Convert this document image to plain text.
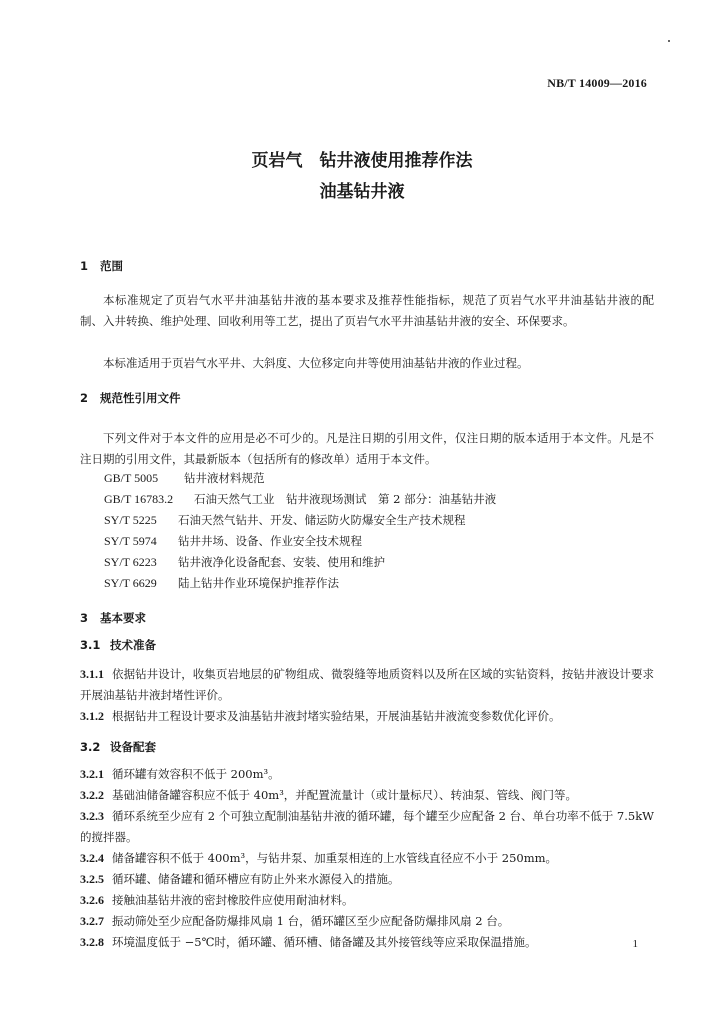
NB/T 14009—2016
页岩气　钻井液使用推荐作法
油基钻井液
1 范围
本标准规定了页岩气水平井油基钻井液的基本要求及推荐性能指标，规范了页岩气水平井油基钻井液的配制、入井转换、维护处理、回收利用等工艺，提出了页岩气水平井油基钻井液的安全、环保要求。
本标准适用于页岩气水平井、大斜度、大位移定向井等使用油基钻井液的作业过程。
2 规范性引用文件
下列文件对于本文件的应用是必不可少的。凡是注日期的引用文件，仅注日期的版本适用于本文件。凡是不注日期的引用文件，其最新版本（包括所有的修改单）适用于本文件。
GB/T 5005 钻井液材料规范
GB/T 16783.2 石油天然气工业　钻井液现场测试　第 2 部分：油基钻井液
SY/T 5225 石油天然气钻井、开发、储运防火防爆安全生产技术规程
SY/T 5974 钻井井场、设备、作业安全技术规程
SY/T 6223 钻井液净化设备配套、安装、使用和维护
SY/T 6629 陆上钻井作业环境保护推荐作法
3 基本要求
3.1 技术准备
3.1.1 依据钻井设计，收集页岩地层的矿物组成、微裂缝等地质资料以及所在区域的实钻资料，按钻井液设计要求开展油基钻井液封堵性评价。
3.1.2 根据钻井工程设计要求及油基钻井液封堵实验结果，开展油基钻井液流变参数优化评价。
3.2 设备配套
3.2.1 循环罐有效容积不低于 200m³。
3.2.2 基础油储备罐容积应不低于 40m³，并配置流量计（或计量标尺）、转油泵、管线、阀门等。
3.2.3 循环系统至少应有 2 个可独立配制油基钻井液的循环罐，每个罐至少应配备 2 台、单台功率不低于 7.5kW 的搅拌器。
3.2.4 储备罐容积不低于 400m³，与钻井泵、加重泵相连的上水管线直径应不小于 250mm。
3.2.5 循环罐、储备罐和循环槽应有防止外来水源侵入的措施。
3.2.6 接触油基钻井液的密封橡胶件应使用耐油材料。
3.2.7 振动筛处至少应配备防爆排风扇 1 台，循环罐区至少应配备防爆排风扇 2 台。
3.2.8 环境温度低于 −5℃时，循环罐、循环槽、储备罐及其外接管线等应采取保温措施。	1
